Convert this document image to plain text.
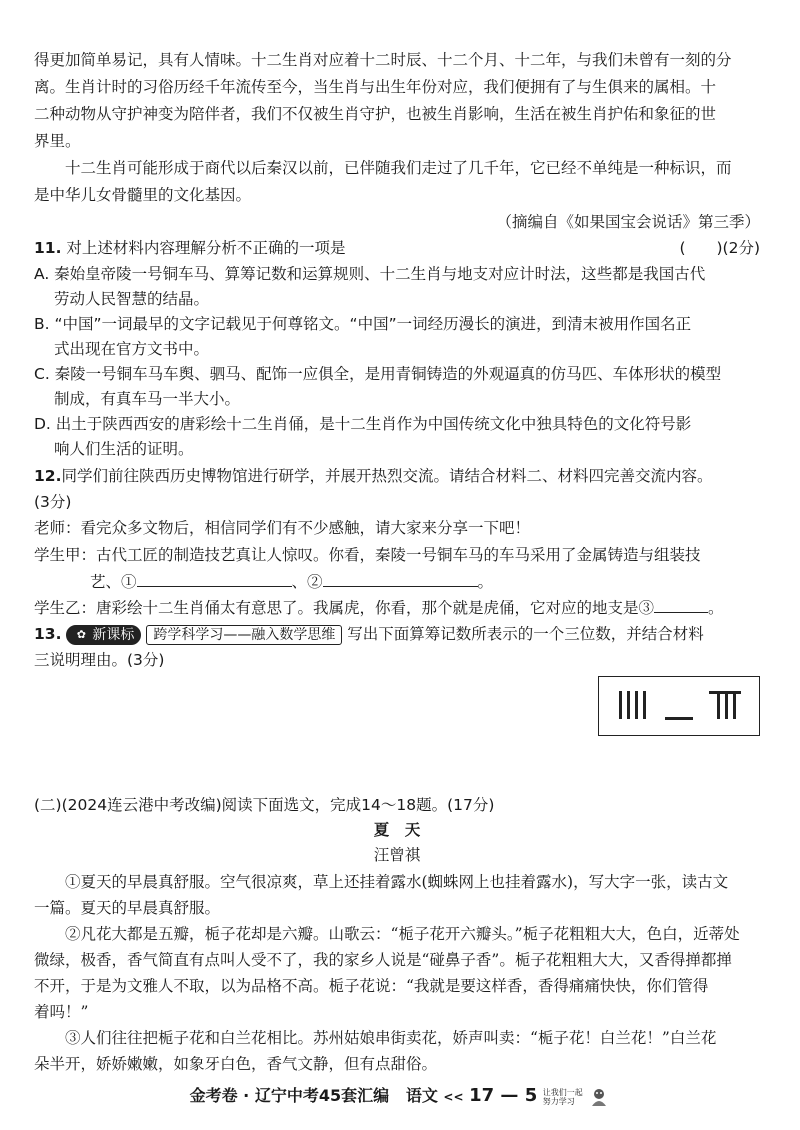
得更加简单易记，具有人情味。十二生肖对应着十二时辰、十二个月、十二年，与我们未曾有一刻的分
离。生肖计时的习俗历经千年流传至今，当生肖与出生年份对应，我们便拥有了与生俱来的属相。十
二种动物从守护神变为陪伴者，我们不仅被生肖守护，也被生肖影响，生活在被生肖护佑和象征的世
界里。
十二生肖可能形成于商代以后秦汉以前，已伴随我们走过了几千年，它已经不单纯是一种标识，而
是中华儿女骨髓里的文化基因。
（摘编自《如果国宝会说话》第三季）
11. 对上述材料内容理解分析不正确的一项是	(　　)(2分)
A. 秦始皇帝陵一号铜车马、算筹记数和运算规则、十二生肖与地支对应计时法，这些都是我国古代
劳动人民智慧的结晶。
B. “中国”一词最早的文字记载见于何尊铭文。“中国”一词经历漫长的演进，到清末被用作国名正
式出现在官方文书中。
C. 秦陵一号铜车马车舆、驷马、配饰一应俱全，是用青铜铸造的外观逼真的仿马匹、车体形状的模型
制成，有真车马一半大小。
D. 出土于陕西西安的唐彩绘十二生肖俑，是十二生肖作为中国传统文化中独具特色的文化符号影
响人们生活的证明。
12.同学们前往陕西历史博物馆进行研学，并展开热烈交流。请结合材料二、材料四完善交流内容。
(3分)
老师：看完众多文物后，相信同学们有不少感触，请大家来分享一下吧！
学生甲：古代工匠的制造技艺真让人惊叹。你看，秦陵一号铜车马的车马采用了金属铸造与组装技
艺、①	、②	。
学生乙：唐彩绘十二生肖俑太有意思了。我属虎，你看，那个就是虎俑，它对应的地支是③	。
13. ✿ 新课标 跨学科学习——融入数学思维 写出下面算筹记数所表示的一个三位数，并结合材料
三说明理由。(3分)
(二)(2024连云港中考改编)阅读下面选文，完成14～18题。(17分)
夏　天
汪曾祺
①夏天的早晨真舒服。空气很凉爽，草上还挂着露水(蜘蛛网上也挂着露水)，写大字一张，读古文
一篇。夏天的早晨真舒服。
②凡花大都是五瓣，栀子花却是六瓣。山歌云：“栀子花开六瓣头。”栀子花粗粗大大，色白，近蒂处
微绿，极香，香气简直有点叫人受不了，我的家乡人说是“碰鼻子香”。栀子花粗粗大大，又香得掸都掸
不开，于是为文雅人不取，以为品格不高。栀子花说：“我就是要这样香，香得痛痛快快，你们管得
着吗！”
③人们往往把栀子花和白兰花相比。苏州姑娘串街卖花，娇声叫卖：“栀子花！白兰花！”白兰花
朵半开，娇娇嫩嫩，如象牙白色，香气文静，但有点甜俗。
金考卷 · 辽宁中考45套汇编 语文 << 17 — 5 让我们一起
努力学习
